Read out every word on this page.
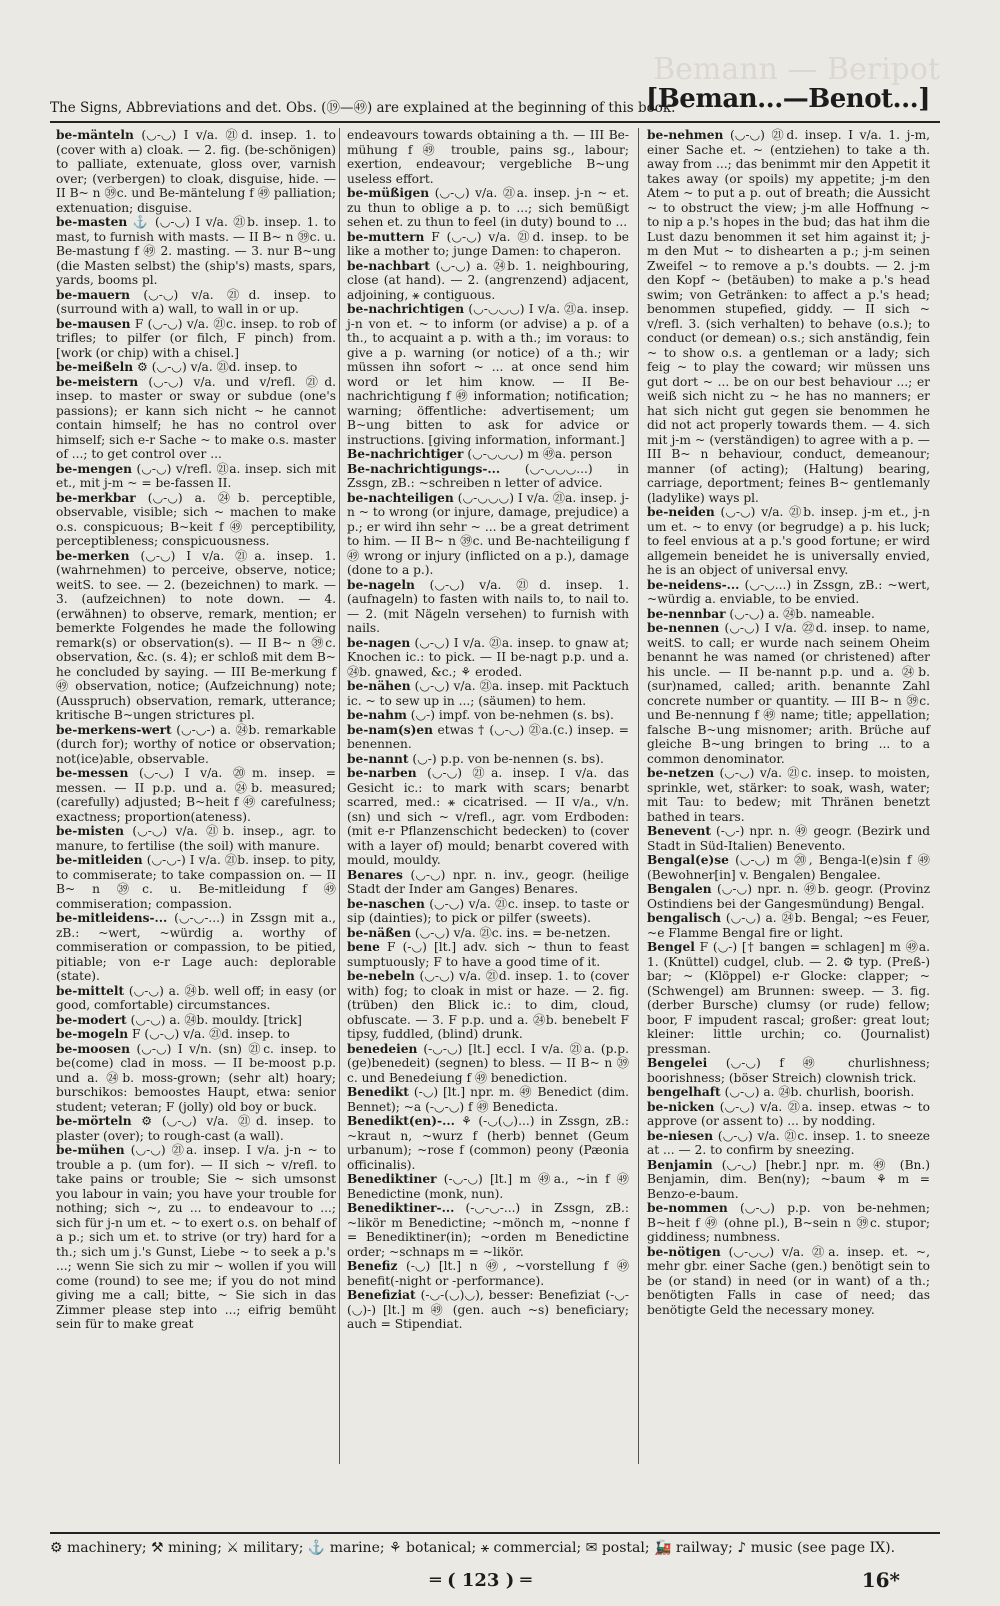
Bemann — Beripot
The Signs, Abbreviations and det. Obs. (⑲—㊾) are explained at the beginning of this book.
[Beman...—Benot...]

be-mänteln (◡-◡) I v/a. ㉑d. insep. 1. to (cover with a) cloak. — 2. fig. (be-schönigen) to palliate, extenuate, gloss over, varnish over; (verbergen) to cloak, disguise, hide. — II B~ n ㊴c. und Be-mäntelung f ㊾ palliation; extenuation; disguise.

be-masten ⚓ (◡-◡) I v/a. ㉑b. insep. 1. to mast, to furnish with masts. — II B~ n ㊴c. u. Be-mastung f ㊾ 2. masting. — 3. nur B~ung (die Masten selbst) the (ship's) masts, spars, yards, booms pl.

be-mauern (◡-◡) v/a. ㉑d. insep. to (surround with a) wall, to wall in or up.

be-mausen F (◡-◡) v/a. ㉑c. insep. to rob of trifles; to pilfer (or filch, F pinch) from. [work (or chip) with a chisel.]

be-meißeln ⚙ (◡-◡) v/a. ㉑d. insep. to

be-meistern (◡-◡) v/a. und v/refl. ㉑d. insep. to master or sway or subdue (one's passions); er kann sich nicht ~ he cannot contain himself; he has no control over himself; sich e-r Sache ~ to make o.s. master of ...; to get control over ...

be-mengen (◡-◡) v/refl. ㉑a. insep. sich mit et., mit j-m ~ = be-fassen II.

be-merkbar (◡-◡) a. ㉔b. perceptible, observable, visible; sich ~ machen to make o.s. conspicuous; B~keit f ㊾ perceptibility, perceptibleness; conspicuousness.

be-merken (◡-◡) I v/a. ㉑a. insep. 1. (wahrnehmen) to perceive, observe, notice; weitS. to see. — 2. (bezeichnen) to mark. — 3. (aufzeichnen) to note down. — 4. (erwähnen) to observe, remark, mention; er bemerkte Folgendes he made the following remark(s) or observation(s). — II B~ n ㊴c. observation, &c. (s. 4); er schloß mit dem B~ he concluded by saying. — III Be-merkung f ㊾ observation, notice; (Aufzeichnung) note; (Ausspruch) observation, remark, utterance; kritische B~ungen strictures pl.

be-merkens-wert (◡-◡-) a. ㉔b. remarkable (durch for); worthy of notice or observation; not(ice)able, observable.

be-messen (◡-◡) I v/a. ⑳m. insep. = messen. — II p.p. und a. ㉔b. measured; (carefully) adjusted; B~heit f ㊾ carefulness; exactness; proportion(ateness).

be-misten (◡-◡) v/a. ㉑b. insep., agr. to manure, to fertilise (the soil) with manure.

be-mitleiden (◡-◡-) I v/a. ㉑b. insep. to pity, to commiserate; to take compassion on. — II B~ n ㊴c. u. Be-mitleidung f ㊾ commiseration; compassion.

be-mitleidens-... (◡-◡-...) in Zssgn mit a., zB.: ~wert, ~würdig a. worthy of commiseration or compassion, to be pitied, pitiable; von e-r Lage auch: deplorable (state).

be-mittelt (◡-◡) a. ㉔b. well off; in easy (or good, comfortable) circumstances.

be-modert (◡-◡) a. ㉔b. mouldy. [trick]

be-mogeln F (◡-◡) v/a. ㉑d. insep. to

be-moosen (◡-◡) I v/n. (sn) ㉑c. insep. to be(come) clad in moss. — II be-moost p.p. und a. ㉔b. moss-grown; (sehr alt) hoary; burschikos: bemoostes Haupt, etwa: senior student; veteran; F (jolly) old boy or buck.

be-mörteln ⚙ (◡-◡) v/a. ㉑d. insep. to plaster (over); to rough-cast (a wall).

be-mühen (◡-◡) ㉑a. insep. I v/a. j-n ~ to trouble a p. (um for). — II sich ~ v/refl. to take pains or trouble; Sie ~ sich umsonst you labour in vain; you have your trouble for nothing; sich ~, zu ... to endeavour to ...; sich für j-n um et. ~ to exert o.s. on behalf of a p.; sich um et. to strive (or try) hard for a th.; sich um j.'s Gunst, Liebe ~ to seek a p.'s ...; wenn Sie sich zu mir ~ wollen if you will come (round) to see me; if you do not mind giving me a call; bitte, ~ Sie sich in das Zimmer please step into ...; eifrig bemüht sein für to make great

endeavours towards obtaining a th. — III Be-mühung f ㊾ trouble, pains sg., labour; exertion, endeavour; vergebliche B~ung useless effort.

be-müßigen (◡-◡) v/a. ㉑a. insep. j-n ~ et. zu thun to oblige a p. to ...; sich bemüßigt sehen et. zu thun to feel (in duty) bound to ...

be-muttern F (◡-◡) v/a. ㉑d. insep. to be like a mother to; junge Damen: to chaperon.

be-nachbart (◡-◡) a. ㉔b. 1. neighbouring, close (at hand). — 2. (angrenzend) adjacent, adjoining, ⚹ contiguous.

be-nachrichtigen (◡-◡◡◡) I v/a. ㉑a. insep. j-n von et. ~ to inform (or advise) a p. of a th., to acquaint a p. with a th.; im voraus: to give a p. warning (or notice) of a th.; wir müssen ihn sofort ~ ... at once send him word or let him know. — II Be-nachrichtigung f ㊾ information; notification; warning; öffentliche: advertisement; um B~ung bitten to ask for advice or instructions. [giving information, informant.]

Be-nachrichtiger (◡-◡◡◡) m ㊾a. person

Be-nachrichtigungs-... (◡-◡◡◡...) in Zssgn, zB.: ~schreiben n letter of advice.

be-nachteiligen (◡-◡◡◡) I v/a. ㉑a. insep. j-n ~ to wrong (or injure, damage, prejudice) a p.; er wird ihn sehr ~ ... be a great detriment to him. — II B~ n ㊴c. und Be-nachteiligung f ㊾ wrong or injury (inflicted on a p.), damage (done to a p.).

be-nageln (◡-◡) v/a. ㉑d. insep. 1. (aufnageln) to fasten with nails to, to nail to. — 2. (mit Nägeln versehen) to furnish with nails.

be-nagen (◡-◡) I v/a. ㉑a. insep. to gnaw at; Knochen ic.: to pick. — II be-nagt p.p. und a. ㉔b. gnawed, &c.; ⚘ eroded.

be-nähen (◡-◡) v/a. ㉑a. insep. mit Packtuch ic. ~ to sew up in ...; (säumen) to hem.

be-nahm (◡-) impf. von be-nehmen (s. bs).

be-nam(s)en etwas † (◡-◡) ㉑a.(c.) insep. = benennen.

be-nannt (◡-) p.p. von be-nennen (s. bs).

be-narben (◡-◡) ㉑a. insep. I v/a. das Gesicht ic.: to mark with scars; benarbt scarred, med.: ⚹ cicatrised. — II v/a., v/n. (sn) und sich ~ v/refl., agr. vom Erdboden: (mit e-r Pflanzenschicht bedecken) to (cover with a layer of) mould; benarbt covered with mould, mouldy.

Benares (◡-◡) npr. n. inv., geogr. (heilige Stadt der Inder am Ganges) Benares.

be-naschen (◡-◡) v/a. ㉑c. insep. to taste or sip (dainties); to pick or pilfer (sweets).

be-näßen (◡-◡) v/a. ㉑c. ins. = be-netzen.

bene F (-◡) [lt.] adv. sich ~ thun to feast sumptuously; F to have a good time of it.

be-nebeln (◡-◡) v/a. ㉑d. insep. 1. to (cover with) fog; to cloak in mist or haze. — 2. fig. (trüben) den Blick ic.: to dim, cloud, obfuscate. — 3. F p.p. und a. ㉔b. benebelt F tipsy, fuddled, (blind) drunk.

benedeien (-◡-◡) [lt.] eccl. I v/a. ㉑a. (p.p. (ge)benedeit) (segnen) to bless. — II B~ n ㊴c. und Benedeiung f ㊾ benediction.

Benedikt (-◡) [lt.] npr. m. ㊾ Benedict (dim. Bennet); ~a (-◡-◡) f ㊾ Benedicta.

Benedikt(en)-... ⚘ (-◡(◡)...) in Zssgn, zB.: ~kraut n, ~wurz f (herb) bennet (Geum urbanum); ~rose f (common) peony (Pæonia officinalis).

Benediktiner (-◡-◡) [lt.] m ㊾a., ~in f ㊾ Benedictine (monk, nun).

Benediktiner-... (-◡-◡-...) in Zssgn, zB.: ~likör m Benedictine; ~mönch m, ~nonne f = Benediktiner(in); ~orden m Benedictine order; ~schnaps m = ~likör.

Benefiz (-◡) [lt.] n ㊾, ~vorstellung f ㊾ benefit(-night or -performance).

Benefiziat (-◡-(◡)◡), besser: Benefiziat (-◡-(◡)-) [lt.] m ㊾ (gen. auch ~s) beneficiary; auch = Stipendiat.

be-nehmen (◡-◡) ㉑d. insep. I v/a. 1. j-m, einer Sache et. ~ (entziehen) to take a th. away from ...; das benimmt mir den Appetit it takes away (or spoils) my appetite; j-m den Atem ~ to put a p. out of breath; die Aussicht ~ to obstruct the view; j-m alle Hoffnung ~ to nip a p.'s hopes in the bud; das hat ihm die Lust dazu benommen it set him against it; j-m den Mut ~ to dishearten a p.; j-m seinen Zweifel ~ to remove a p.'s doubts. — 2. j-m den Kopf ~ (betäuben) to make a p.'s head swim; von Getränken: to affect a p.'s head; benommen stupefied, giddy. — II sich ~ v/refl. 3. (sich verhalten) to behave (o.s.); to conduct (or demean) o.s.; sich anständig, fein ~ to show o.s. a gentleman or a lady; sich feig ~ to play the coward; wir müssen uns gut dort ~ ... be on our best behaviour ...; er weiß sich nicht zu ~ he has no manners; er hat sich nicht gut gegen sie benommen he did not act properly towards them. — 4. sich mit j-m ~ (verständigen) to agree with a p. — III B~ n behaviour, conduct, demeanour; manner (of acting); (Haltung) bearing, carriage, deportment; feines B~ gentlemanly (ladylike) ways pl.

be-neiden (◡-◡) v/a. ㉑b. insep. j-m et., j-n um et. ~ to envy (or begrudge) a p. his luck; to feel envious at a p.'s good fortune; er wird allgemein beneidet he is universally envied, he is an object of universal envy.

be-neidens-... (◡-◡...) in Zssgn, zB.: ~wert, ~würdig a. enviable, to be envied.

be-nennbar (◡-◡) a. ㉔b. nameable.

be-nennen (◡-◡) I v/a. ㉒d. insep. to name, weitS. to call; er wurde nach seinem Oheim benannt he was named (or christened) after his uncle. — II be-nannt p.p. und a. ㉔b. (sur)named, called; arith. benannte Zahl concrete number or quantity. — III B~ n ㊴c. und Be-nennung f ㊾ name; title; appellation; falsche B~ung misnomer; arith. Brüche auf gleiche B~ung bringen to bring ... to a common denominator.

be-netzen (◡-◡) v/a. ㉑c. insep. to moisten, sprinkle, wet, stärker: to soak, wash, water; mit Tau: to bedew; mit Thränen benetzt bathed in tears.

Benevent (-◡-) npr. n. ㊾ geogr. (Bezirk und Stadt in Süd-Italien) Benevento.

Bengal(e)se (◡-◡) m ⑳, Benga-l(e)sin f ㊾ (Bewohner[in] v. Bengalen) Bengalee.

Bengalen (◡-◡) npr. n. ㊾b. geogr. (Provinz Ostindiens bei der Gangesmündung) Bengal.

bengalisch (◡-◡) a. ㉔b. Bengal; ~es Feuer, ~e Flamme Bengal fire or light.

Bengel F (◡-) [† bangen = schlagen] m ㊾a. 1. (Knüttel) cudgel, club. — 2. ⚙ typ. (Preß-) bar; ~ (Klöppel) e-r Glocke: clapper; ~ (Schwengel) am Brunnen: sweep. — 3. fig. (derber Bursche) clumsy (or rude) fellow; boor, F impudent rascal; großer: great lout; kleiner: little urchin; co. (Journalist) pressman.

Bengelei (◡-◡) f ㊾ churlishness; boorishness; (böser Streich) clownish trick.

bengelhaft (◡-◡) a. ㉔b. churlish, boorish.

be-nicken (◡-◡) v/a. ㉑a. insep. etwas ~ to approve (or assent to) ... by nodding.

be-niesen (◡-◡) v/a. ㉑c. insep. 1. to sneeze at ... — 2. to confirm by sneezing.

Benjamin (◡-◡) [hebr.] npr. m. ㊾ (Bn.) Benjamin, dim. Ben(ny); ~baum ⚘ m = Benzo-e-baum.

be-nommen (◡-◡) p.p. von be-nehmen; B~heit f ㊾ (ohne pl.), B~sein n ㊴c. stupor; giddiness; numbness.

be-nötigen (◡-◡◡) v/a. ㉑a. insep. et. ~, mehr gbr. einer Sache (gen.) benötigt sein to be (or stand) in need (or in want) of a th.; benötigten Falls in case of need; das benötigte Geld the necessary money.

⚙ machinery; ⚒ mining; ⚔ military; ⚓ marine; ⚘ botanical; ⚹ commercial; ✉ postal; 🚂 railway; ♪ music (see page IX).
═ ( 123 ) ═	16*
